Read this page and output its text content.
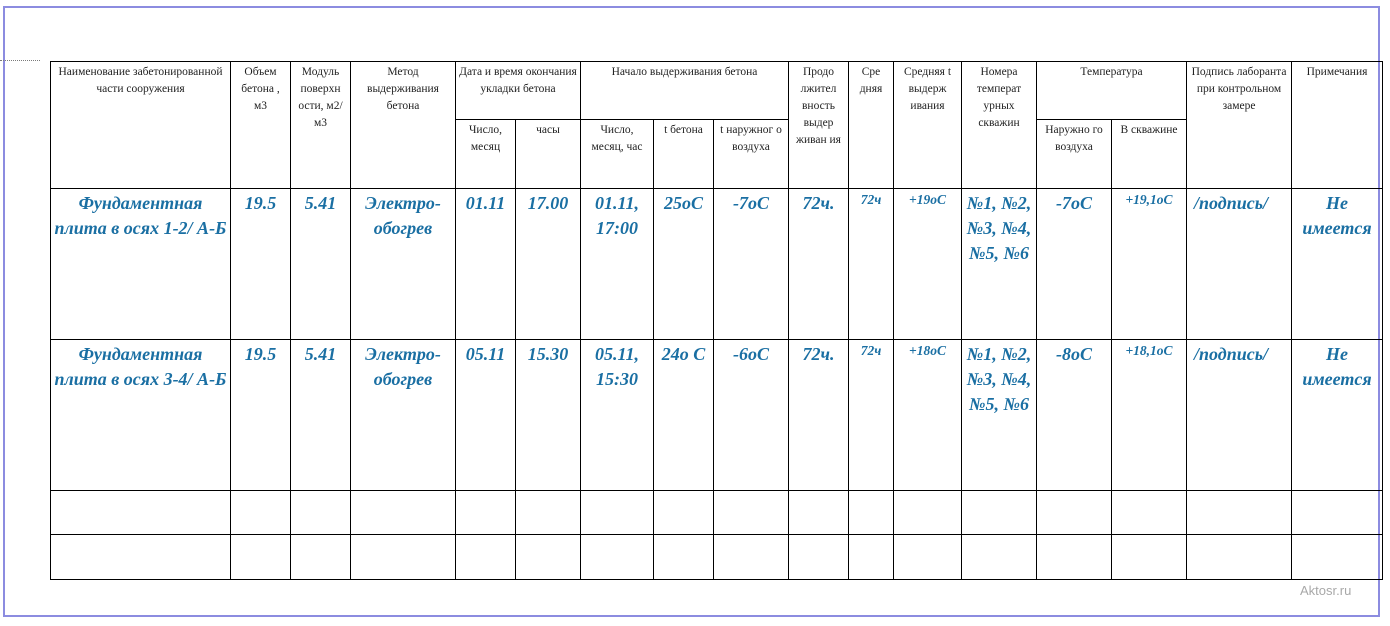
Наименование забетонированной части сооружения	Объем бетона , м3	Модуль поверхн ости, м2/ м3	Метод выдерживания бетона	Дата и время окончания укладки бетона		Начало выдерживания бетона			Продо лжител вность выдер живан ия	Сре дняя	Средняя t выдерж ивания	Номера температ урных скважин	Температура		Подпись лаборанта при контрольном замере	Примечания
				Число, месяц	часы	Число, месяц, час	t бетона	t наружног о воздуха					Наружно го воздуха	В скважине		
Фундаментная плита в осях 1-2/ А-Б	19.5	5.41	Электро-обогрев	01.11	17.00	01.11, 17:00	25оС	-7оС	72ч.	72ч	+19оС	№1, №2, №3, №4, №5, №6	-7оС	+19,1оС	/подпись/	Не имеется
Фундаментная плита в осях 3-4/ А-Б	19.5	5.41	Электро-обогрев	05.11	15.30	05.11, 15:30	24о С	-6оС	72ч.	72ч	+18оС	№1, №2, №3, №4, №5, №6	-8оС	+18,1оС	/подпись/	Не имеется

Aktosr.ru
